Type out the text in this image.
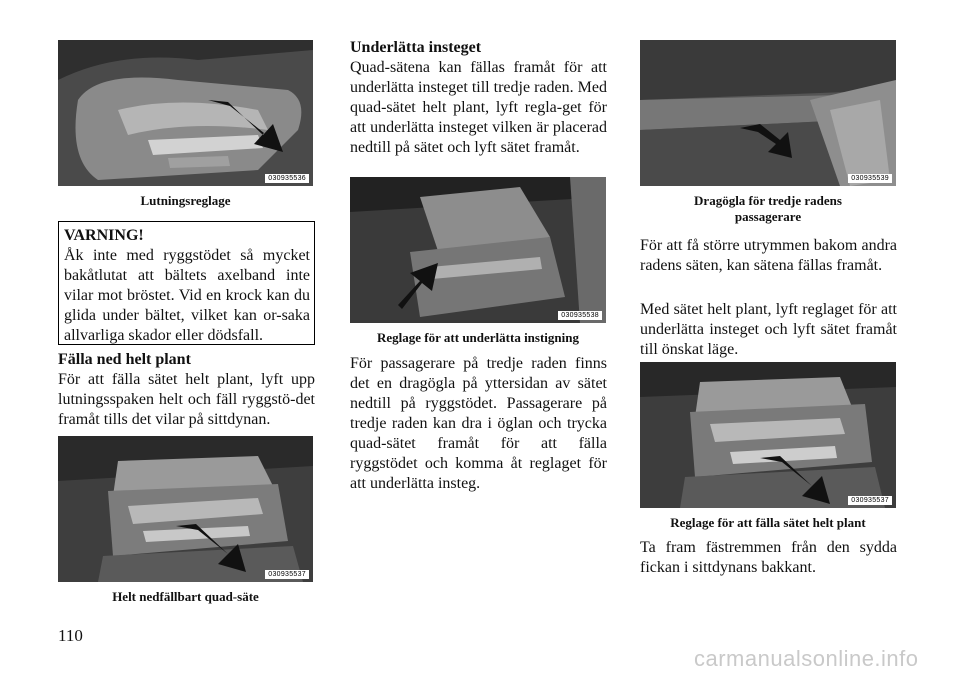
030935536
Lutningsreglage
VARNING!
Åk inte med ryggstödet så mycket bakåtlutat att bältets axelband inte vilar mot bröstet. Vid en krock kan du glida under bältet, vilket kan or-saka allvarliga skador eller dödsfall.
Fälla ned helt plant
För att fälla sätet helt plant, lyft upp lutningsspaken helt och fäll ryggstö-det framåt tills det vilar på sittdynan.
030935537
Helt nedfällbart quad-säte
Underlätta insteget
Quad-sätena kan fällas framåt för att underlätta insteget till tredje raden. Med quad-sätet helt plant, lyft regla-get för att underlätta insteget vilken är placerad nedtill på sätet och lyft sätet framåt.
030935538
Reglage för att underlätta instigning
För passagerare på tredje raden finns det en dragögla på yttersidan av sätet nedtill på ryggstödet. Passagerare på tredje raden kan dra i öglan och trycka quad-sätet framåt för att fälla ryggstödet och komma åt reglaget för att underlätta insteg.
030935539
Dragögla för tredje radens
passagerare
För att få större utrymmen bakom andra radens säten, kan sätena fällas framåt.
Med sätet helt plant, lyft reglaget för att underlätta insteget och lyft sätet framåt till önskat läge.
030935537
Reglage för att fälla sätet helt plant
Ta fram fästremmen från den sydda fickan i sittdynans bakkant.
110
carmanualsonline.info
